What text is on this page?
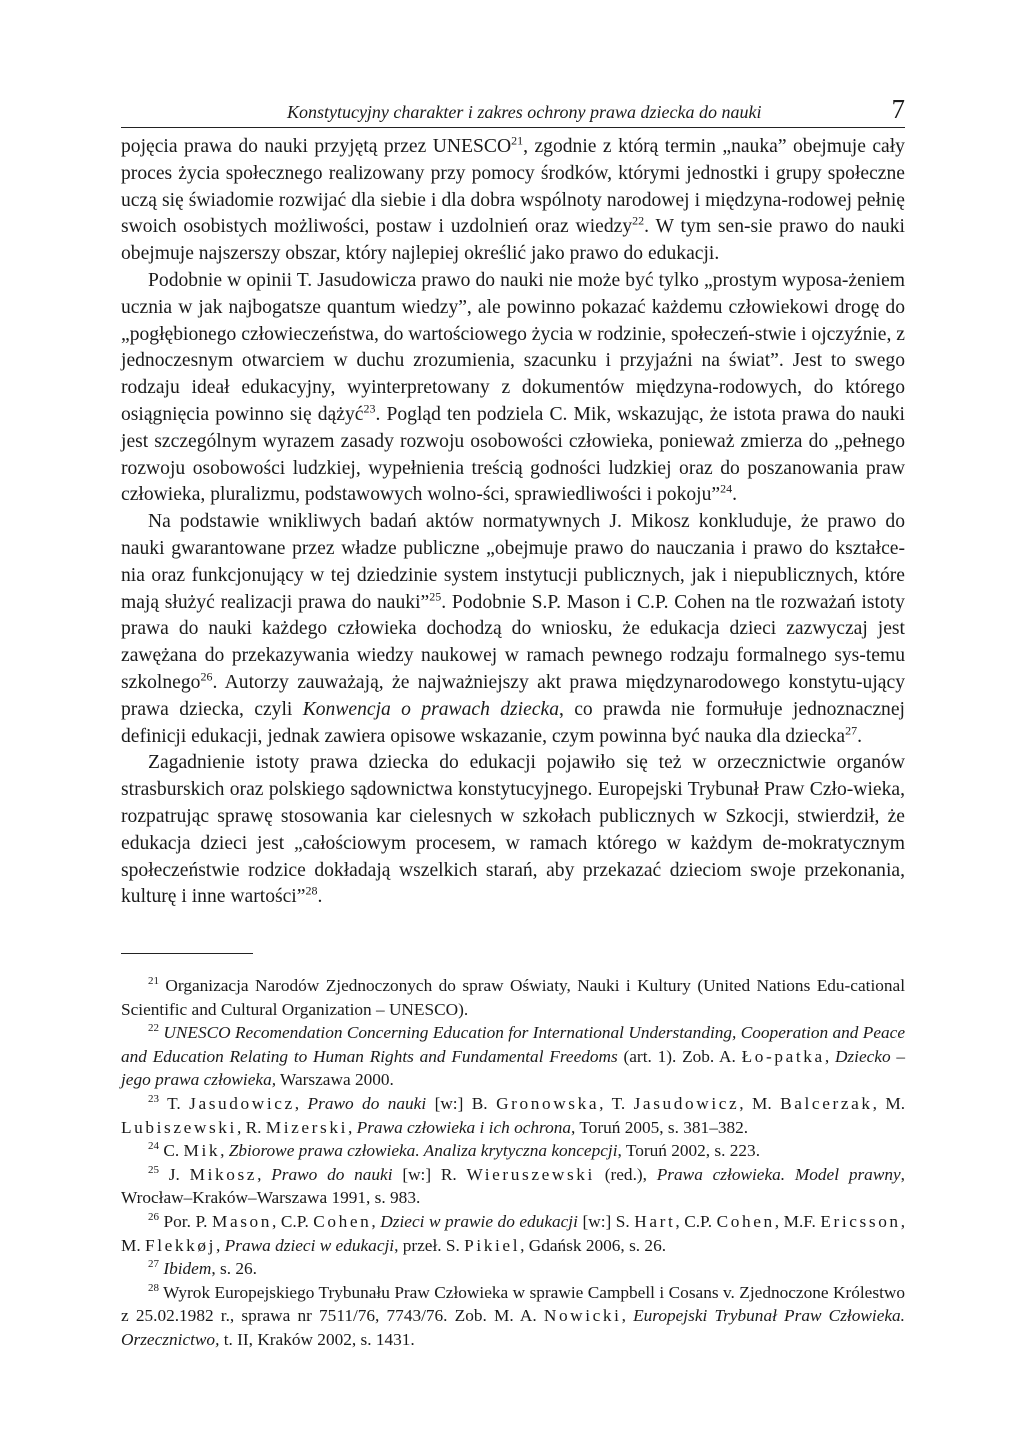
Konstytucyjny charakter i zakres ochrony prawa dziecka do nauki	7

pojęcia prawa do nauki przyjętą przez UNESCO$^{21}$, zgodnie z którą termin „nauka” obejmuje cały proces życia społecznego realizowany przy pomocy środków, którymi jednostki i grupy społeczne uczą się świadomie rozwijać dla siebie i dla dobra wspólnoty narodowej i międzyna-rodowej pełnię swoich osobistych możliwości, postaw i uzdolnień oraz wiedzy$^{22}$. W tym sen-sie prawo do nauki obejmuje najszerszy obszar, który najlepiej określić jako prawo do edukacji.

Podobnie w opinii T. Jasudowicza prawo do nauki nie może być tylko „prostym wyposa-żeniem ucznia w jak najbogatsze quantum wiedzy”, ale powinno pokazać każdemu człowiekowi drogę do „pogłębionego człowieczeństwa, do wartościowego życia w rodzinie, społeczeń-stwie i ojczyźnie, z jednoczesnym otwarciem w duchu zrozumienia, szacunku i przyjaźni na świat”. Jest to swego rodzaju ideał edukacyjny, wyinterpretowany z dokumentów międzyna-rodowych, do którego osiągnięcia powinno się dążyć$^{23}$. Pogląd ten podziela C. Mik, wskazując, że istota prawa do nauki jest szczególnym wyrazem zasady rozwoju osobowości człowieka, ponieważ zmierza do „pełnego rozwoju osobowości ludzkiej, wypełnienia treścią godności ludzkiej oraz do poszanowania praw człowieka, pluralizmu, podstawowych wolno-ści, sprawiedliwości i pokoju”$^{24}$.

Na podstawie wnikliwych badań aktów normatywnych J. Mikosz konkluduje, że prawo do nauki gwarantowane przez władze publiczne „obejmuje prawo do nauczania i prawo do kształce-nia oraz funkcjonujący w tej dziedzinie system instytucji publicznych, jak i niepublicznych, które mają służyć realizacji prawa do nauki”$^{25}$. Podobnie S.P. Mason i C.P. Cohen na tle rozważań istoty prawa do nauki każdego człowieka dochodzą do wniosku, że edukacja dzieci zazwyczaj jest zawężana do przekazywania wiedzy naukowej w ramach pewnego rodzaju formalnego sys-temu szkolnego$^{26}$. Autorzy zauważają, że najważniejszy akt prawa międzynarodowego konstytu-ujący prawa dziecka, czyli Konwencja o prawach dziecka, co prawda nie formułuje jednoznacznej definicji edukacji, jednak zawiera opisowe wskazanie, czym powinna być nauka dla dziecka$^{27}$.

Zagadnienie istoty prawa dziecka do edukacji pojawiło się też w orzecznictwie organów strasburskich oraz polskiego sądownictwa konstytucyjnego. Europejski Trybunał Praw Czło-wieka, rozpatrując sprawę stosowania kar cielesnych w szkołach publicznych w Szkocji, stwierdził, że edukacja dzieci jest „całościowym procesem, w ramach którego w każdym de-mokratycznym społeczeństwie rodzice dokładają wszelkich starań, aby przekazać dzieciom swoje przekonania, kulturę i inne wartości”$^{28}$.

$^{21}$ Organizacja Narodów Zjednoczonych do spraw Oświaty, Nauki i Kultury (United Nations Edu-cational Scientific and Cultural Organization – UNESCO).

$^{22}$ UNESCO Recomendation Concerning Education for International Understanding, Cooperation and Peace and Education Relating to Human Rights and Fundamental Freedoms (art. 1). Zob. A. Ło-patka, Dziecko – jego prawa człowieka, Warszawa 2000.

$^{23}$ T. Jasudowicz, Prawo do nauki [w:] B. Gronowska, T. Jasudowicz, M. Balcerzak, M. Lubiszewski, R. Mizerski, Prawa człowieka i ich ochrona, Toruń 2005, s. 381–382.

$^{24}$ C. Mik, Zbiorowe prawa człowieka. Analiza krytyczna koncepcji, Toruń 2002, s. 223.

$^{25}$ J. Mikosz, Prawo do nauki [w:] R. Wieruszewski (red.), Prawa człowieka. Model prawny, Wrocław–Kraków–Warszawa 1991, s. 983.

$^{26}$ Por. P. Mason, C.P. Cohen, Dzieci w prawie do edukacji [w:] S. Hart, C.P. Cohen, M.F. Ericsson, M. Flekkøj, Prawa dzieci w edukacji, przeł. S. Pikiel, Gdańsk 2006, s. 26.

$^{27}$ Ibidem, s. 26.

$^{28}$ Wyrok Europejskiego Trybunału Praw Człowieka w sprawie Campbell i Cosans v. Zjednoczone Królestwo z 25.02.1982 r., sprawa nr 7511/76, 7743/76. Zob. M. A. Nowicki, Europejski Trybunał Praw Człowieka. Orzecznictwo, t. II, Kraków 2002, s. 1431.
